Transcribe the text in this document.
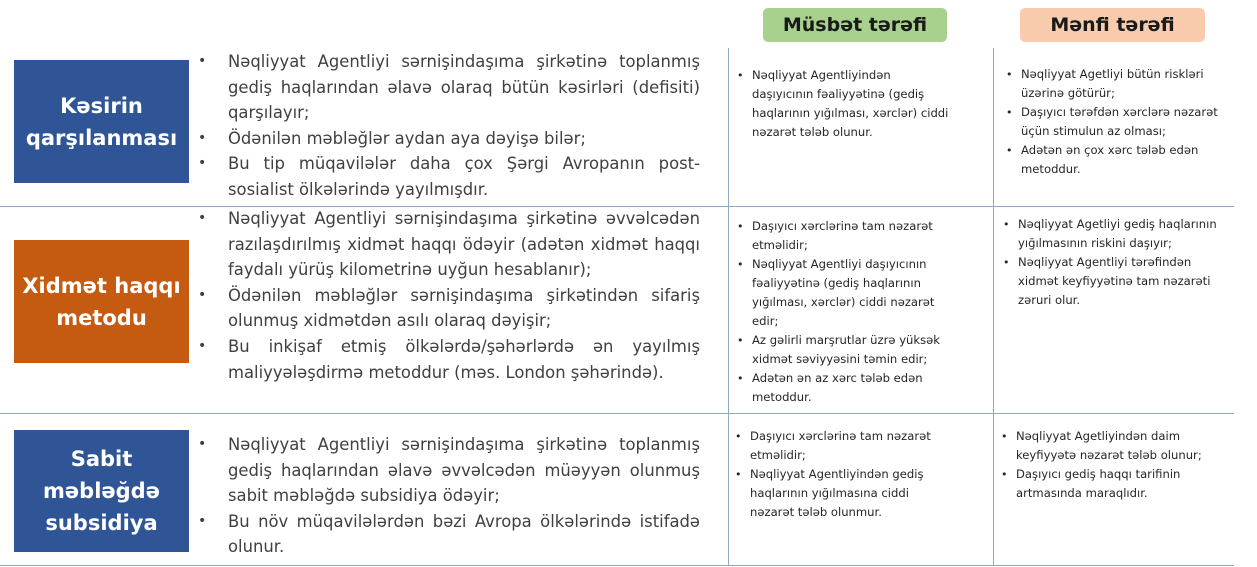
Müsbət tərəfi	Mənfi tərəfi
Kəsirin qarşılanması
• Nəqliyyat Agentliyi sərnişindaşıma şirkətinə toplanmış gediş haqlarından əlavə olaraq bütün kəsirləri (defisiti) qarşılayır;
• Ödənilən məbləğlər aydan aya dəyişə bilər;
• Bu tip müqavilələr daha çox Şərgi Avropanın post-sosialist ölkələrində yayılmışdır.
• Nəqliyyat Agentliyindən daşıyıcının fəaliyyətinə (gediş haqlarının yığılması, xərclər) ciddi nəzarət tələb olunur.
• Nəqliyyat Agetliyi bütün riskləri üzərinə götürür;
• Daşıyıcı tərəfdən xərclərə nəzarət üçün stimulun az olması;
• Adətən ən çox xərc tələb edən metoddur.
Xidmət haqqı metodu
• Nəqliyyat Agentliyi sərnişindaşıma şirkətinə əvvəlcədən razılaşdırılmış xidmət haqqı ödəyir (adətən xidmət haqqı faydalı yürüş kilometrinə uyğun hesablanır);
• Ödənilən məbləğlər sərnişindaşıma şirkətindən sifariş olunmuş xidmətdən asılı olaraq dəyişir;
• Bu inkişaf etmiş ölkələrdə/şəhərlərdə ən yayılmış maliyyələşdirmə metoddur (məs. London şəhərində).
• Daşıyıcı xərclərinə tam nəzarət etməlidir;
• Nəqliyyat Agentliyi daşıyıcının fəaliyyətinə (gediş haqlarının yığılması, xərclər) ciddi nəzarət edir;
• Az gəlirli marşrutlar üzrə yüksək xidmət səviyyəsini təmin edir;
• Adətən ən az xərc tələb edən metoddur.
• Nəqliyyat Agetliyi gediş haqlarının yığılmasının riskini daşıyır;
• Nəqliyyat Agentliyi tərəfindən xidmət keyfiyyətinə tam nəzarəti zəruri olur.
Sabit məbləğdə subsidiya
• Nəqliyyat Agentliyi sərnişindaşıma şirkətinə toplanmış gediş haqlarından əlavə əvvəlcədən müəyyən olunmuş sabit məbləğdə subsidiya ödəyir;
• Bu növ müqavilələrdən bəzi Avropa ölkələrində istifadə olunur.
• Daşıyıcı xərclərinə tam nəzarət etməlidir;
• Nəqliyyat Agentliyindən gediş haqlarının yığılmasına ciddi nəzarət tələb olunmur.
• Nəqliyyat Agetliyindən daim keyfiyyətə nəzarət tələb olunur;
• Daşıyıcı gediş haqqı tarifinin artmasında maraqlıdır.
